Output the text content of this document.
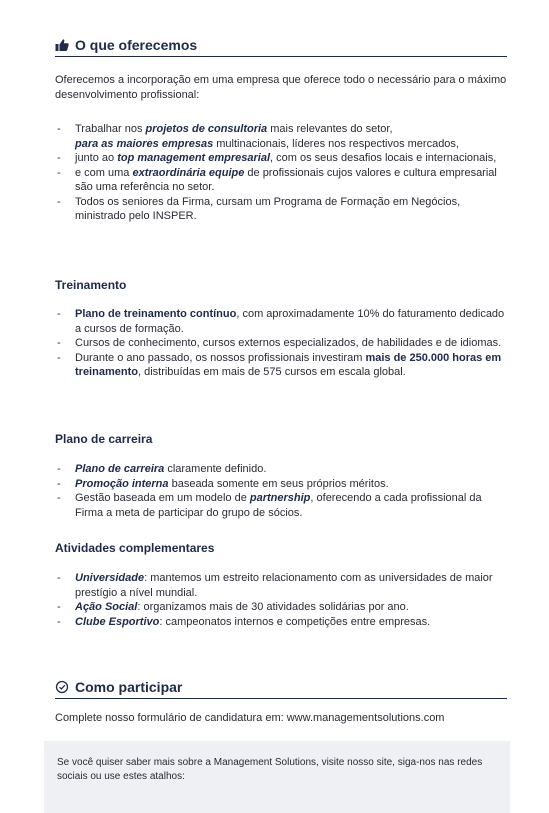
O que oferecemos
Oferecemos a incorporação em uma empresa que oferece todo o necessário para o máximo desenvolvimento profissional:
- Trabalhar nos projetos de consultoria mais relevantes do setor,
para as maiores empresas multinacionais, líderes nos respectivos mercados,
- junto ao top management empresarial, com os seus desafios locais e internacionais,
- e com uma extraordinária equipe de profissionais cujos valores e cultura empresarial são uma referência no setor.
- Todos os seniores da Firma, cursam um Programa de Formação em Negócios, ministrado pelo INSPER.
Treinamento
- Plano de treinamento contínuo, com aproximadamente 10% do faturamento dedicado a cursos de formação.
- Cursos de conhecimento, cursos externos especializados, de habilidades e de idiomas.
- Durante o ano passado, os nossos profissionais investiram mais de 250.000 horas em treinamento, distribuídas em mais de 575 cursos em escala global.
Plano de carreira
- Plano de carreira claramente definido.
- Promoção interna baseada somente em seus próprios méritos.
- Gestão baseada em um modelo de partnership, oferecendo a cada profissional da Firma a meta de participar do grupo de sócios.
Atividades complementares
- Universidade: mantemos um estreito relacionamento com as universidades de maior prestígio a nível mundial.
- Ação Social: organizamos mais de 30 atividades solidárias por ano.
- Clube Esportivo: campeonatos internos e competições entre empresas.
Como participar
Complete nosso formulário de candidatura em: www.managementsolutions.com
Se você quiser saber mais sobre a Management Solutions, visite nosso site, siga-nos nas redes sociais ou use estes atalhos:
